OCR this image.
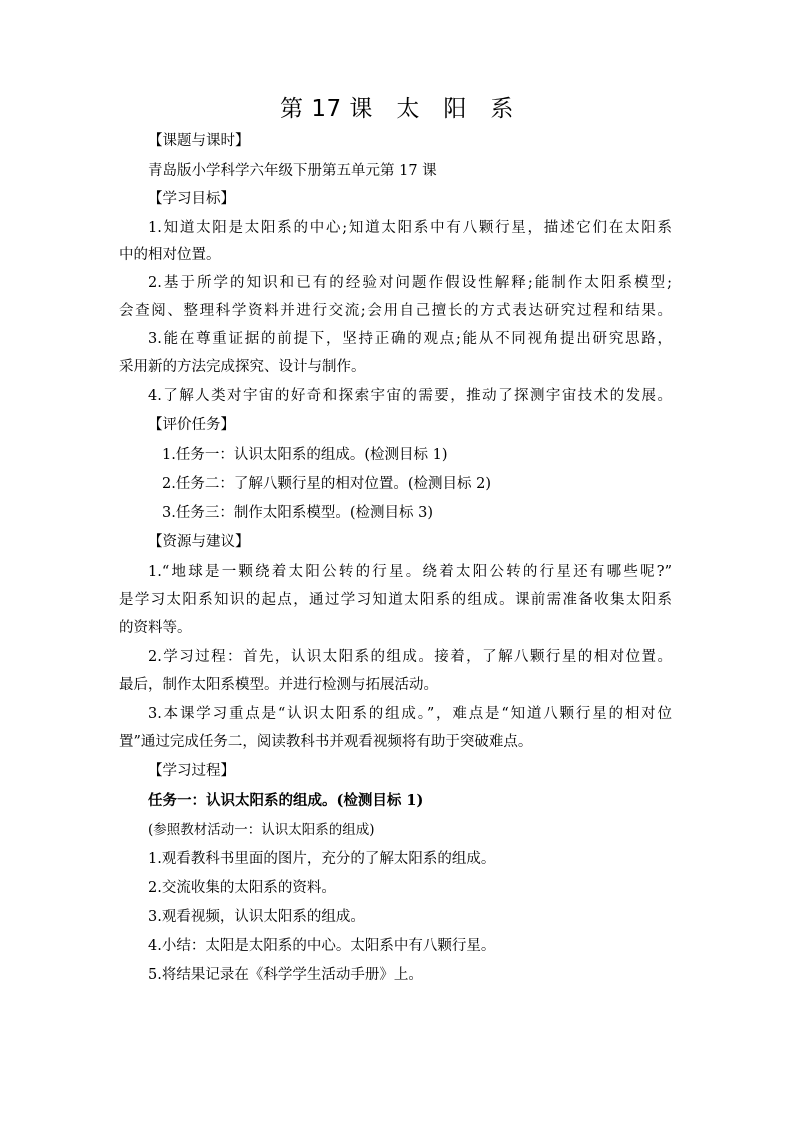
第 17 课　太　阳　系
【课题与课时】
青岛版小学科学六年级下册第五单元第 17 课
【学习目标】
1.知道太阳是太阳系的中心;知道太阳系中有八颗行星，描述它们在太阳系
中的相对位置。
2.基于所学的知识和已有的经验对问题作假设性解释;能制作太阳系模型;
会查阅、整理科学资料并进行交流;会用自己擅长的方式表达研究过程和结果。
3.能在尊重证据的前提下，坚持正确的观点;能从不同视角提出研究思路，
采用新的方法完成探究、设计与制作。
4.了解人类对宇宙的好奇和探索宇宙的需要，推动了探测宇宙技术的发展。
【评价任务】
1.任务一：认识太阳系的组成。(检测目标 1)
2.任务二：了解八颗行星的相对位置。(检测目标 2)
3.任务三：制作太阳系模型。(检测目标 3)
【资源与建议】
1.“地球是一颗绕着太阳公转的行星。绕着太阳公转的行星还有哪些呢?”
是学习太阳系知识的起点，通过学习知道太阳系的组成。课前需准备收集太阳系
的资料等。
2.学习过程：首先，认识太阳系的组成。接着，了解八颗行星的相对位置。
最后，制作太阳系模型。并进行检测与拓展活动。
3.本课学习重点是“认识太阳系的组成。”，难点是“知道八颗行星的相对位
置”通过完成任务二，阅读教科书并观看视频将有助于突破难点。
【学习过程】
任务一：认识太阳系的组成。(检测目标 1)
(参照教材活动一：认识太阳系的组成)
1.观看教科书里面的图片，充分的了解太阳系的组成。
2.交流收集的太阳系的资料。
3.观看视频，认识太阳系的组成。
4.小结：太阳是太阳系的中心。太阳系中有八颗行星。
5.将结果记录在《科学学生活动手册》上。
